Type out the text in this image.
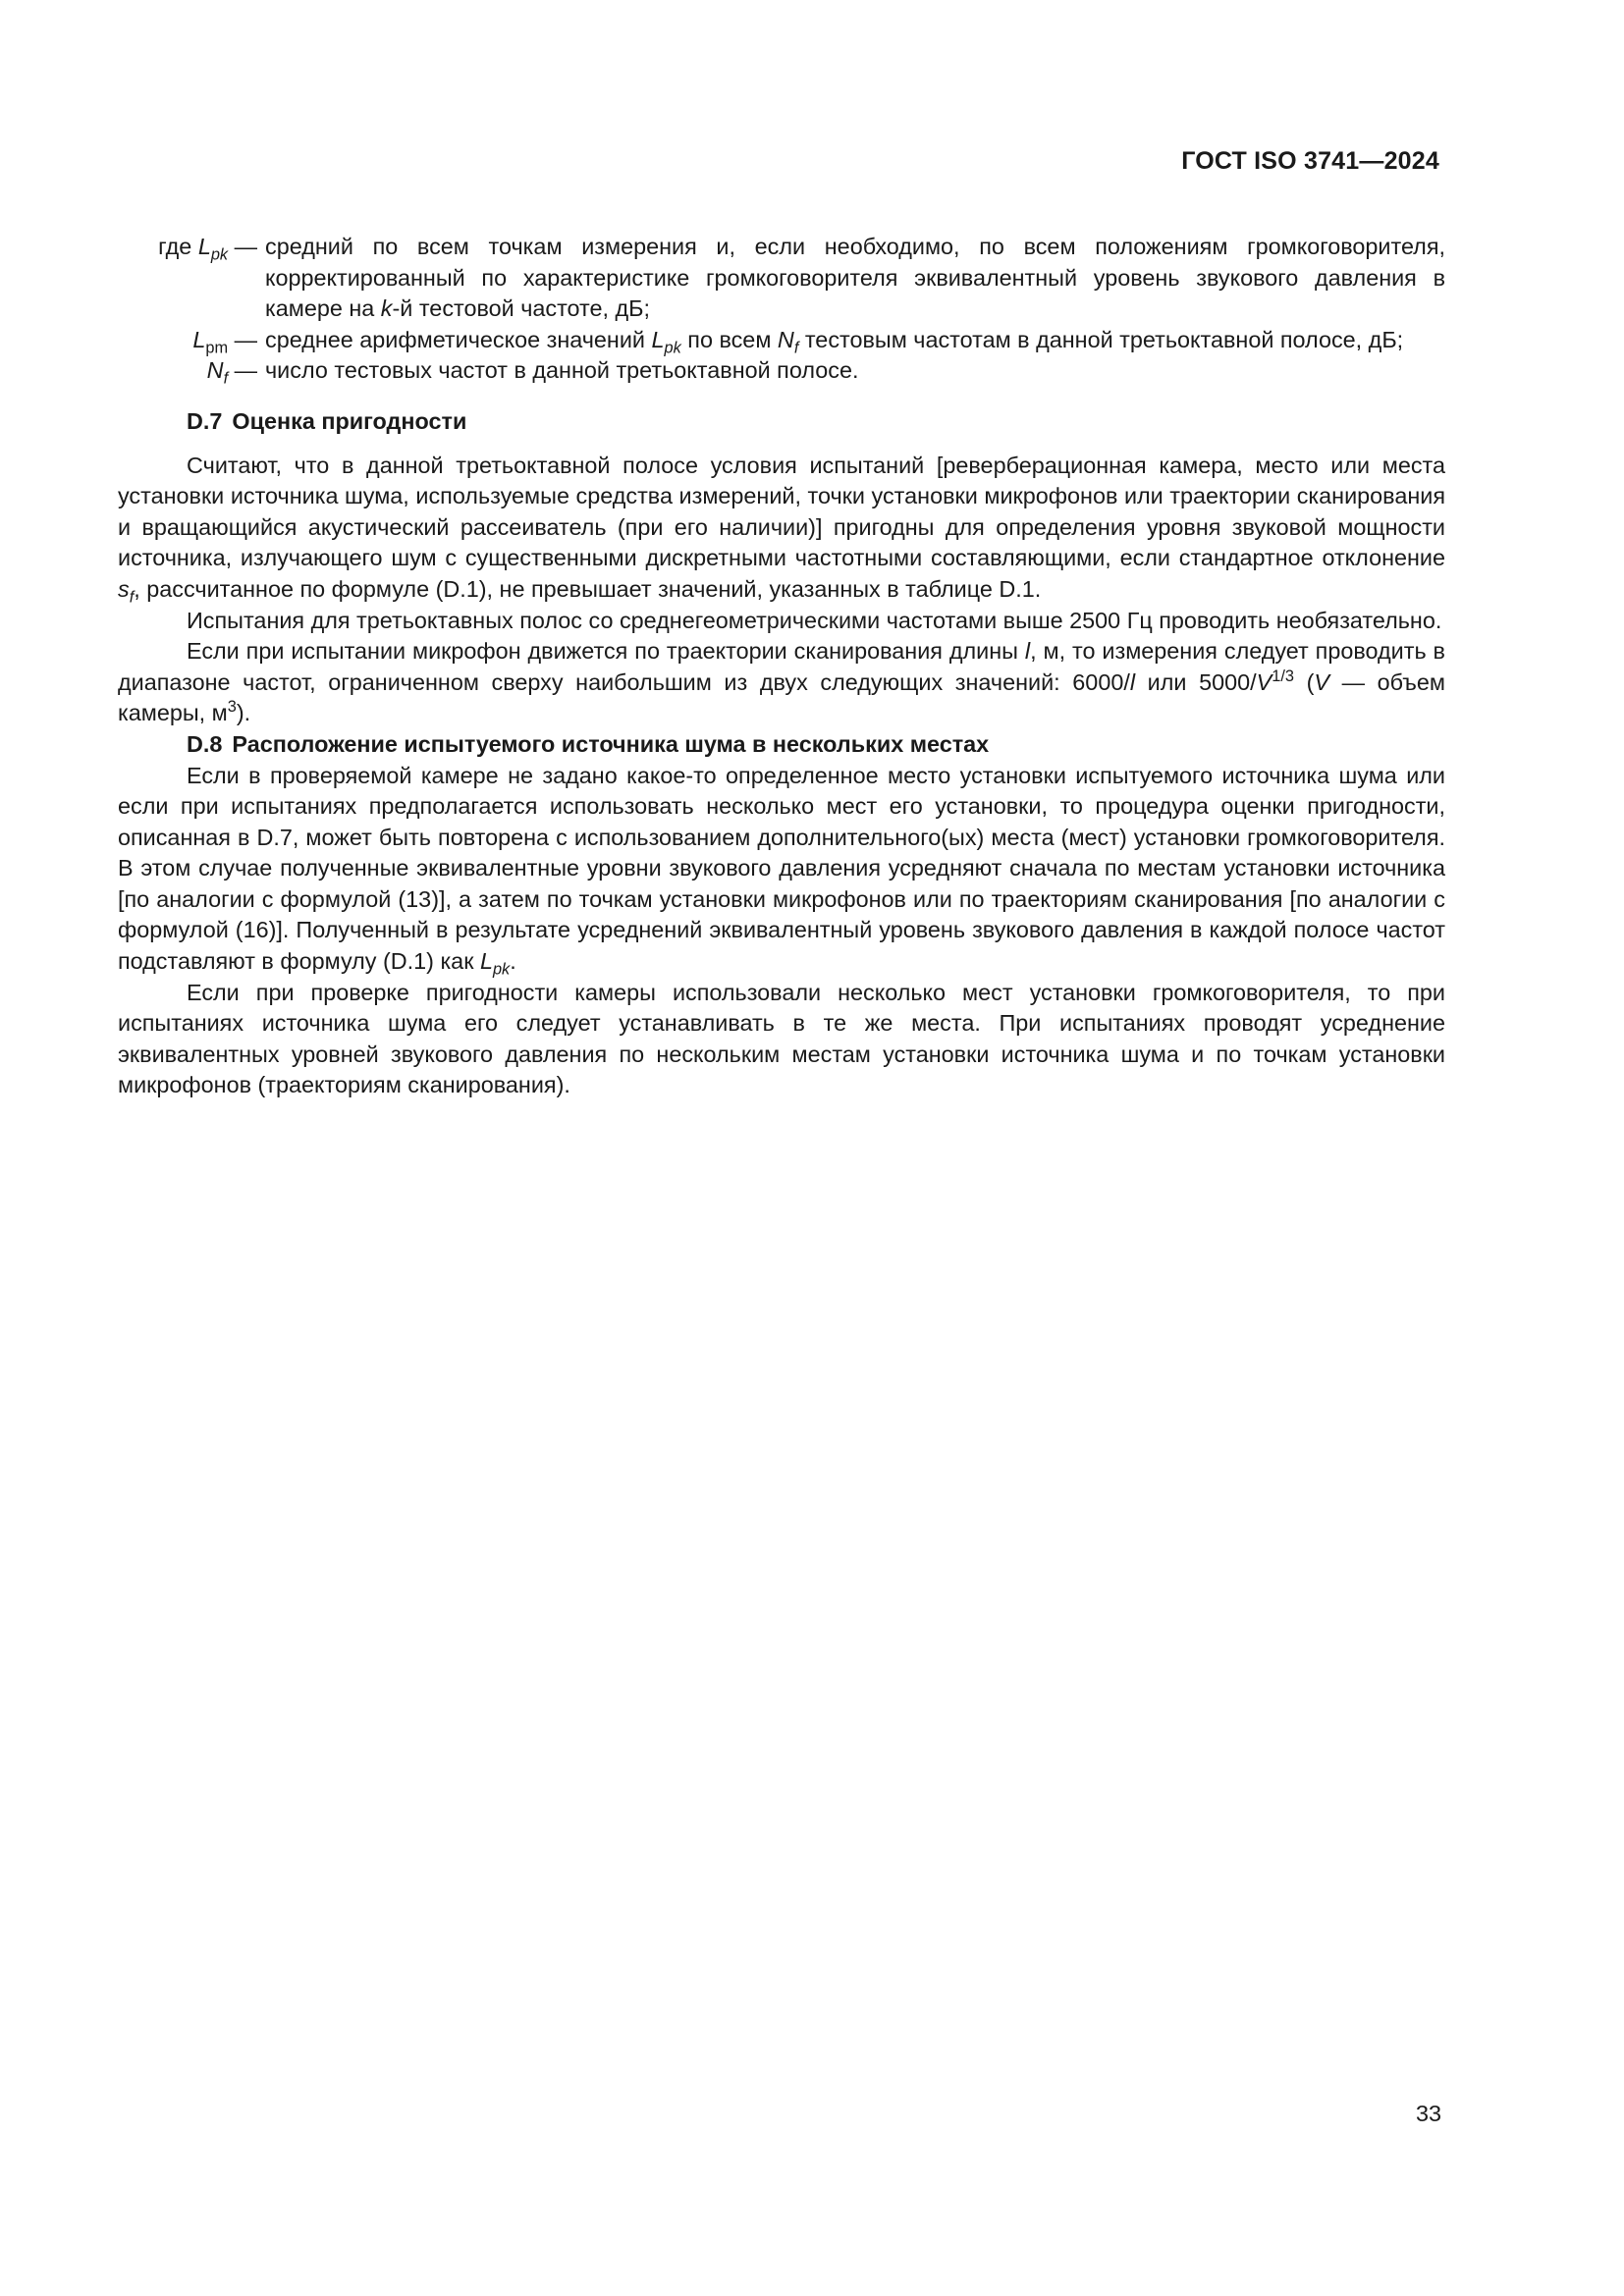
ГОСТ ISO 3741—2024
где $L_{pk}$ — средний по всем точкам измерения и, если необходимо, по всем положениям громкоговорителя, корректированный по характеристике громкоговорителя эквивалентный уровень звукового давления в камере на k-й тестовой частоте, дБ;
$L_{pm}$ — среднее арифметическое значений $L_{pk}$ по всем $N_f$ тестовым частотам в данной третьоктавной полосе, дБ;
$N_f$ — число тестовых частот в данной третьоктавной полосе.
D.7 Оценка пригодности

Считают, что в данной третьоктавной полосе условия испытаний [реверберационная камера, место или места установки источника шума, используемые средства измерений, точки установки микрофонов или траектории сканирования и вращающийся акустический рассеиватель (при его наличии)] пригодны для определения уровня звуковой мощности источника, излучающего шум с существенными дискретными частотными составляющими, если стандартное отклонение $s_f$, рассчитанное по формуле (D.1), не превышает значений, указанных в таблице D.1.

Испытания для третьоктавных полос со среднегеометрическими частотами выше 2500 Гц проводить необязательно.

Если при испытании микрофон движется по траектории сканирования длины l, м, то измерения следует проводить в диапазоне частот, ограниченном сверху наибольшим из двух следующих значений: 6000/l или $5000/V^{1/3}$ (V — объем камеры, $м^3$).

D.8 Расположение испытуемого источника шума в нескольких местах

Если в проверяемой камере не задано какое-то определенное место установки испытуемого источника шума или если при испытаниях предполагается использовать несколько мест его установки, то процедура оценки пригодности, описанная в D.7, может быть повторена с использованием дополнительного(ых) места (мест) установки громкоговорителя. В этом случае полученные эквивалентные уровни звукового давления усредняют сначала по местам установки источника [по аналогии с формулой (13)], а затем по точкам установки микрофонов или по траекториям сканирования [по аналогии с формулой (16)]. Полученный в результате усреднений эквивалентный уровень звукового давления в каждой полосе частот подставляют в формулу (D.1) как $L_{pk}$.

Если при проверке пригодности камеры использовали несколько мест установки громкоговорителя, то при испытаниях источника шума его следует устанавливать в те же места. При испытаниях проводят усреднение эквивалентных уровней звукового давления по нескольким местам установки источника шума и по точкам установки микрофонов (траекториям сканирования).

33
